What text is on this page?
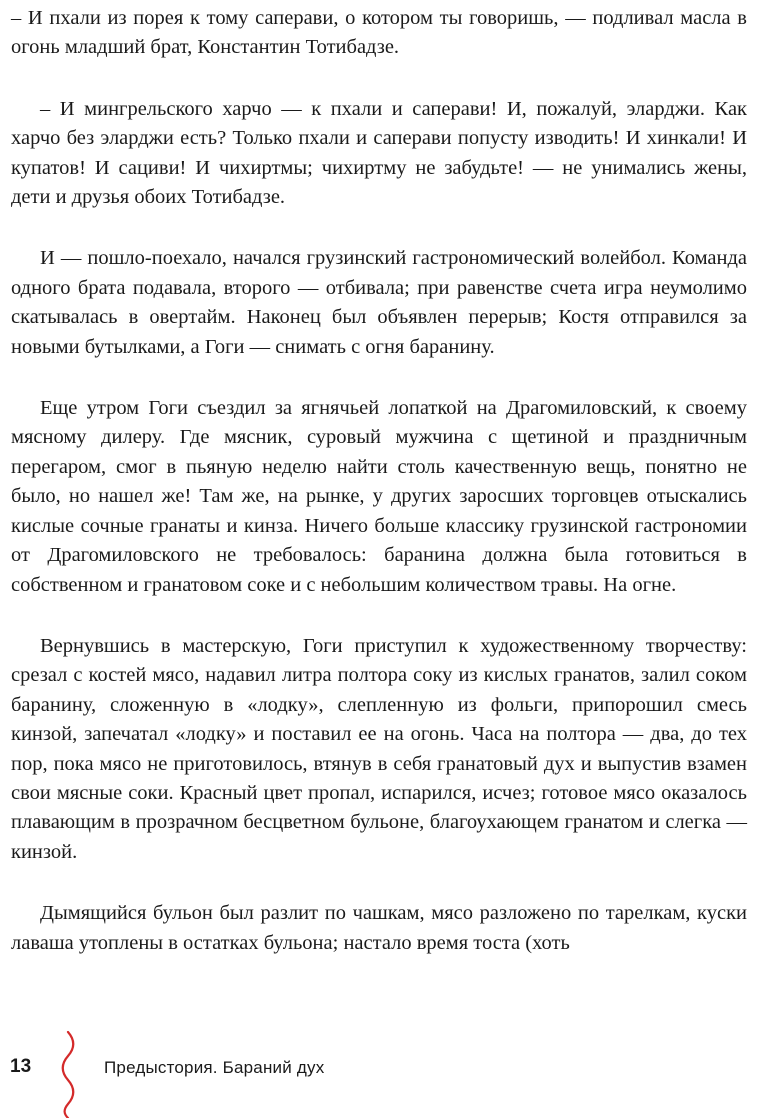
– И пхали из порея к тому саперави, о котором ты говоришь, — подливал масла в огонь младший брат, Константин Тотибадзе.

– И мингрельского харчо — к пхали и саперави! И, пожалуй, эларджи. Как харчо без эларджи есть? Только пхали и саперави попусту изводить! И хинкали! И купатов! И сациви! И чихиртмы; чихиртму не забудьте! — не унимались жены, дети и друзья обоих Тотибадзе.

И — пошло-поехало, начался грузинский гастрономический волейбол. Команда одного брата подавала, второго — отбивала; при равенстве счета игра неумолимо скатывалась в овертайм. Наконец был объявлен перерыв; Костя отправился за новыми бутылками, а Гоги — снимать с огня баранину.

Еще утром Гоги съездил за ягнячьей лопаткой на Драгомиловский, к своему мясному дилеру. Где мясник, суровый мужчина с щетиной и праздничным перегаром, смог в пьяную неделю найти столь качественную вещь, понятно не было, но нашел же! Там же, на рынке, у других заросших торговцев отыскались кислые сочные гранаты и кинза. Ничего больше классику грузинской гастрономии от Драгомиловского не требовалось: баранина должна была готовиться в собственном и гранатовом соке и с небольшим количеством травы. На огне.

Вернувшись в мастерскую, Гоги приступил к художественному творчеству: срезал с костей мясо, надавил литра полтора соку из кислых гранатов, залил соком баранину, сложенную в «лодку», слепленную из фольги, припорошил смесь кинзой, запечатал «лодку» и поставил ее на огонь. Часа на полтора — два, до тех пор, пока мясо не приготовилось, втянув в себя гранатовый дух и выпустив взамен свои мясные соки. Красный цвет пропал, испарился, исчез; готовое мясо оказалось плавающим в прозрачном бесцветном бульоне, благоухающем гранатом и слегка — кинзой.

Дымящийся бульон был разлит по чашкам, мясо разложено по тарелкам, куски лаваша утоплены в остатках бульона; настало время тоста (хоть

13	Предыстория. Бараний дух
